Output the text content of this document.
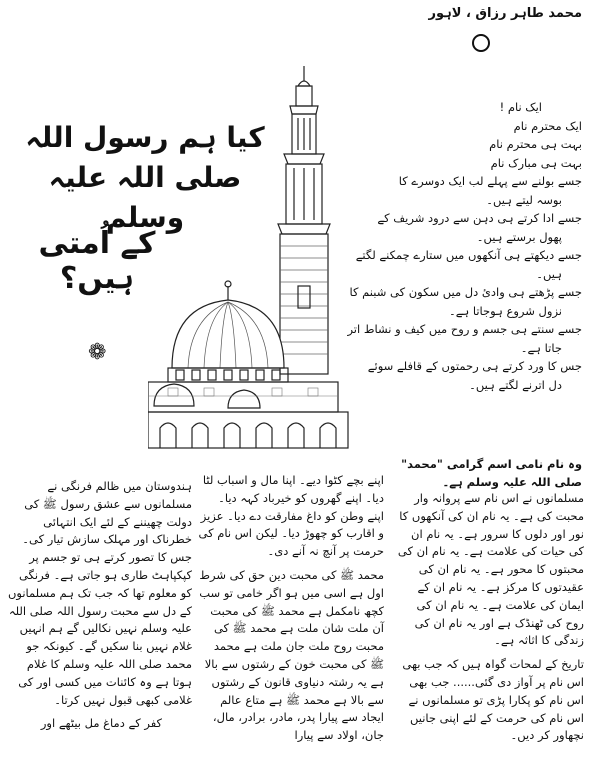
محمد طاہر رزاق ، لاہور
کیا ہم رسول اللہ صلی اللہ علیہ وسلم
کے اُمتی ہیں؟
❁
ایک نام !
ایک محترم نام
بہت ہی محترم نام
بہت ہی مبارک نام
جسے بولنے سے پہلے لب ایک دوسرے کا
بوسہ لیتے ہیں۔
جسے ادا کرتے ہی دہن سے درود شریف کے
پھول برستے ہیں۔
جسے دیکھتے ہی آنکھوں میں ستارے چمکنے لگتے
ہیں۔
جسے پڑھتے ہی وادیٔ دل میں سکون کی شبنم کا
نزول شروع ہوجاتا ہے۔
جسے سنتے ہی جسم و روح میں کیف و نشاط اتر
جاتا ہے۔
جس کا ورد کرتے ہی رحمتوں کے قافلے سوئے
دل اترنے لگتے ہیں۔
وہ نام نامی اسم گرامی "محمد" صلی اللہ علیہ وسلم ہے۔

مسلمانوں نے اس نام سے پروانہ وار محبت کی ہے۔ یہ نام ان کی آنکھوں کا نور اور دلوں کا سرور ہے۔ یہ نام ان کی حیات کی علامت ہے۔ یہ نام ان کی محبتوں کا محور ہے۔ یہ نام ان کی عقیدتوں کا مرکز ہے۔ یہ نام ان کے ایمان کی علامت ہے۔ یہ نام ان کی روح کی ٹھنڈک ہے اور یہ نام ان کی زندگی کا اثاثہ ہے۔

تاریخ کے لمحات گواہ ہیں کہ جب بھی اس نام پر آواز دی گئی...... جب بھی اس نام کو پکارا پڑی تو مسلمانوں نے اس نام کی حرمت کے لئے اپنی جانیں نچھاور کر دیں۔

اپنے بچے کٹوا دیے۔ اپنا مال و اسباب لٹا دیا۔ اپنے گھروں کو خیرباد کہہ دیا۔ اپنے وطن کو داغ مفارقت دے دیا۔ عزیز و اقارب کو چھوڑ دیا۔ لیکن اس نام کی حرمت پر آنچ نہ آنے دی۔

محمد ﷺ کی محبت دین حق کی شرط اول ہے اسی میں ہو اگر خامی تو سب کچھ نامکمل ہے محمد ﷺ کی محبت آن ملت شان ملت ہے محمد ﷺ کی محبت روح ملت جان ملت ہے محمد ﷺ کی محبت خون کے رشتوں سے بالا ہے یہ رشتہ دنیاوی قانون کے رشتوں سے بالا ہے محمد ﷺ ہے متاع عالم ایجاد سے پیارا پدر، مادر، برادر، مال، جان، اولاد سے پیارا

ہندوستان میں ظالم فرنگی نے مسلمانوں سے عشق رسول ﷺ کی دولت چھیننے کے لئے ایک انتہائی خطرناک اور مہلک سازش تیار کی۔ جس کا تصور کرتے ہی تو جسم پر کپکپاہٹ طاری ہو جاتی ہے۔ فرنگی کو معلوم تھا کہ جب تک ہم مسلمانوں کے دل سے محبت رسول اللہ صلی اللہ علیہ وسلم نہیں نکالیں گے ہم انہیں غلام نہیں بنا سکیں گے۔ کیونکہ جو محمد صلی اللہ علیہ وسلم کا غلام ہوتا ہے وہ کائنات میں کسی اور کی غلامی کبھی قبول نہیں کرتا۔

کفر کے دماغ مل بیٹھے اور
